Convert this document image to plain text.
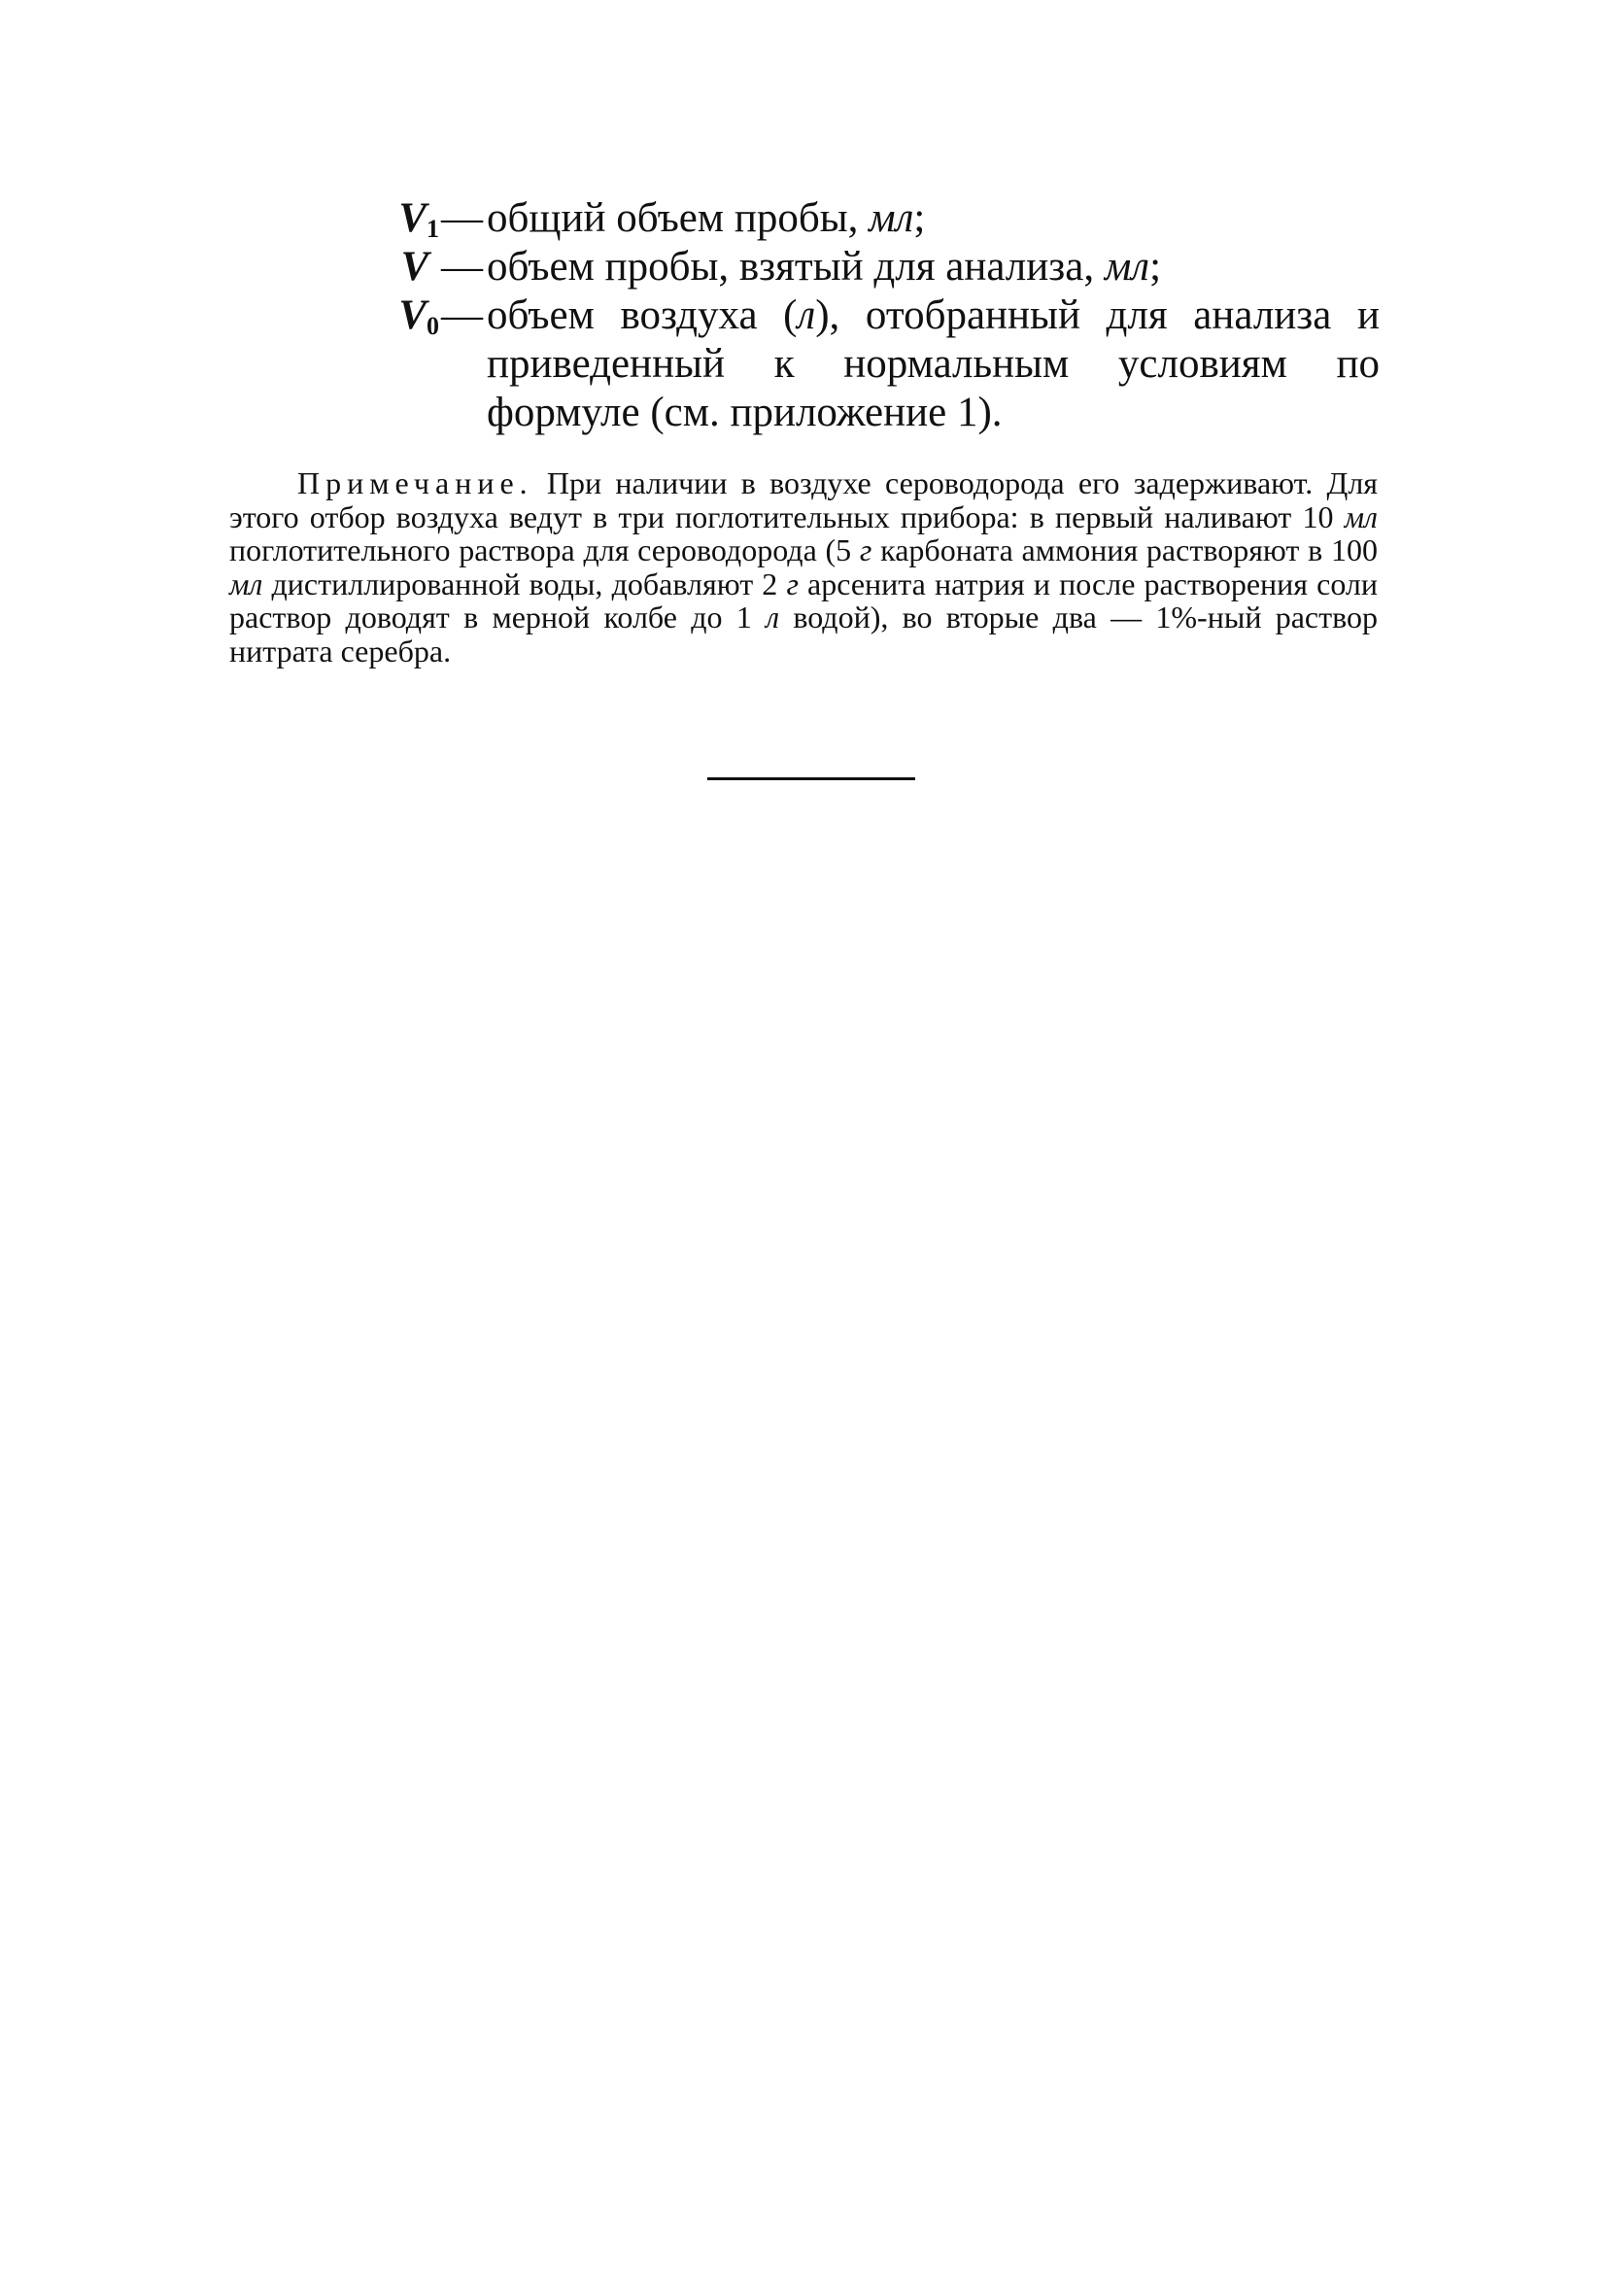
$V_1$ — общий объем пробы, мл;
V — объем пробы, взятый для анализа, мл;
$V_0$ — объем воздуха (л), отобранный для анализа и приведенный к нормальным условиям по формуле (см. приложение 1).

Примечание. При наличии в воздухе сероводорода его задерживают. Для этого отбор воздуха ведут в три поглотительных прибора: в первый наливают 10 мл поглотительного раствора для сероводорода (5 г карбоната аммония растворяют в 100 мл дистиллированной воды, добавляют 2 г арсенита натрия и после растворения соли раствор доводят в мерной колбе до 1 л водой), во вторые два — 1%-ный раствор нитрата серебра.
